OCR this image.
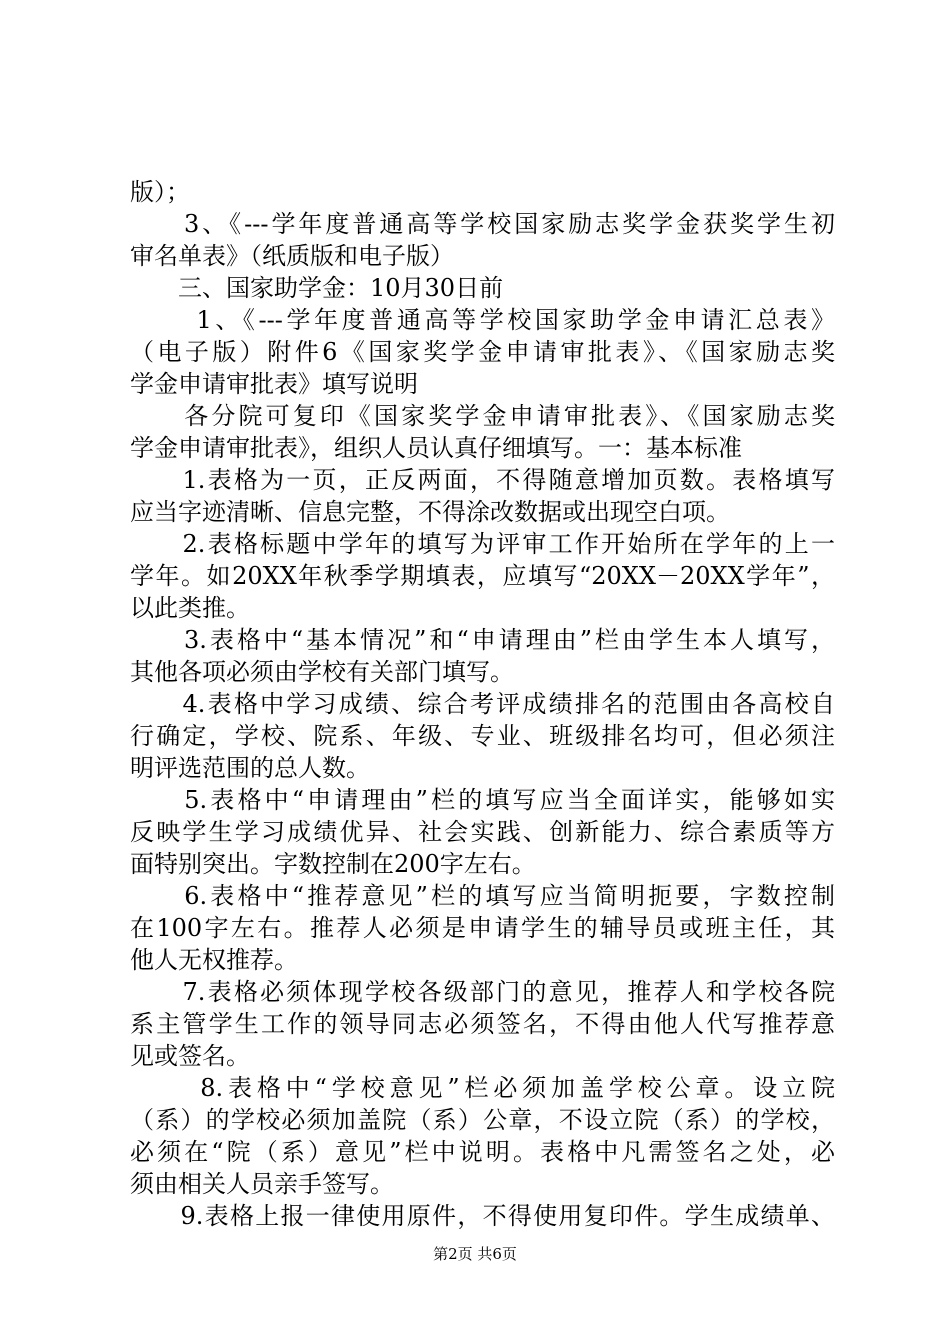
版）；
　　3、《---学年度普通高等学校国家励志奖学金获奖学生初
审名单表》（纸质版和电子版）
　　三、国家助学金：10月30日前
　　 1、《---学年度普通高等学校国家助学金申请汇总表》
（电子版）附件6《国家奖学金申请审批表》、《国家励志奖
学金申请审批表》填写说明
　　各分院可复印《国家奖学金申请审批表》、《国家励志奖
学金申请审批表》，组织人员认真仔细填写。一：基本标准
　　1.表格为一页，正反两面，不得随意增加页数。表格填写
应当字迹清晰、信息完整，不得涂改数据或出现空白项。
　　2.表格标题中学年的填写为评审工作开始所在学年的上一
学年。如20XX年秋季学期填表，应填写“20XX－20XX学年”，
以此类推。
　　3.表格中“基本情况”和“申请理由”栏由学生本人填写，
其他各项必须由学校有关部门填写。
　　4.表格中学习成绩、综合考评成绩排名的范围由各高校自
行确定，学校、院系、年级、专业、班级排名均可，但必须注
明评选范围的总人数。
　　5.表格中“申请理由”栏的填写应当全面详实，能够如实
反映学生学习成绩优异、社会实践、创新能力、综合素质等方
面特别突出。字数控制在200字左右。
　　6.表格中“推荐意见”栏的填写应当简明扼要，字数控制
在100字左右。推荐人必须是申请学生的辅导员或班主任，其
他人无权推荐。
　　7.表格必须体现学校各级部门的意见，推荐人和学校各院
系主管学生工作的领导同志必须签名，不得由他人代写推荐意
见或签名。
　　 8.表格中“学校意见”栏必须加盖学校公章。设立院
（系）的学校必须加盖院（系）公章，不设立院（系）的学校，
必须在“院（系）意见”栏中说明。表格中凡需签名之处，必
须由相关人员亲手签写。
　　9.表格上报一律使用原件，不得使用复印件。学生成绩单、
第2页 共6页
